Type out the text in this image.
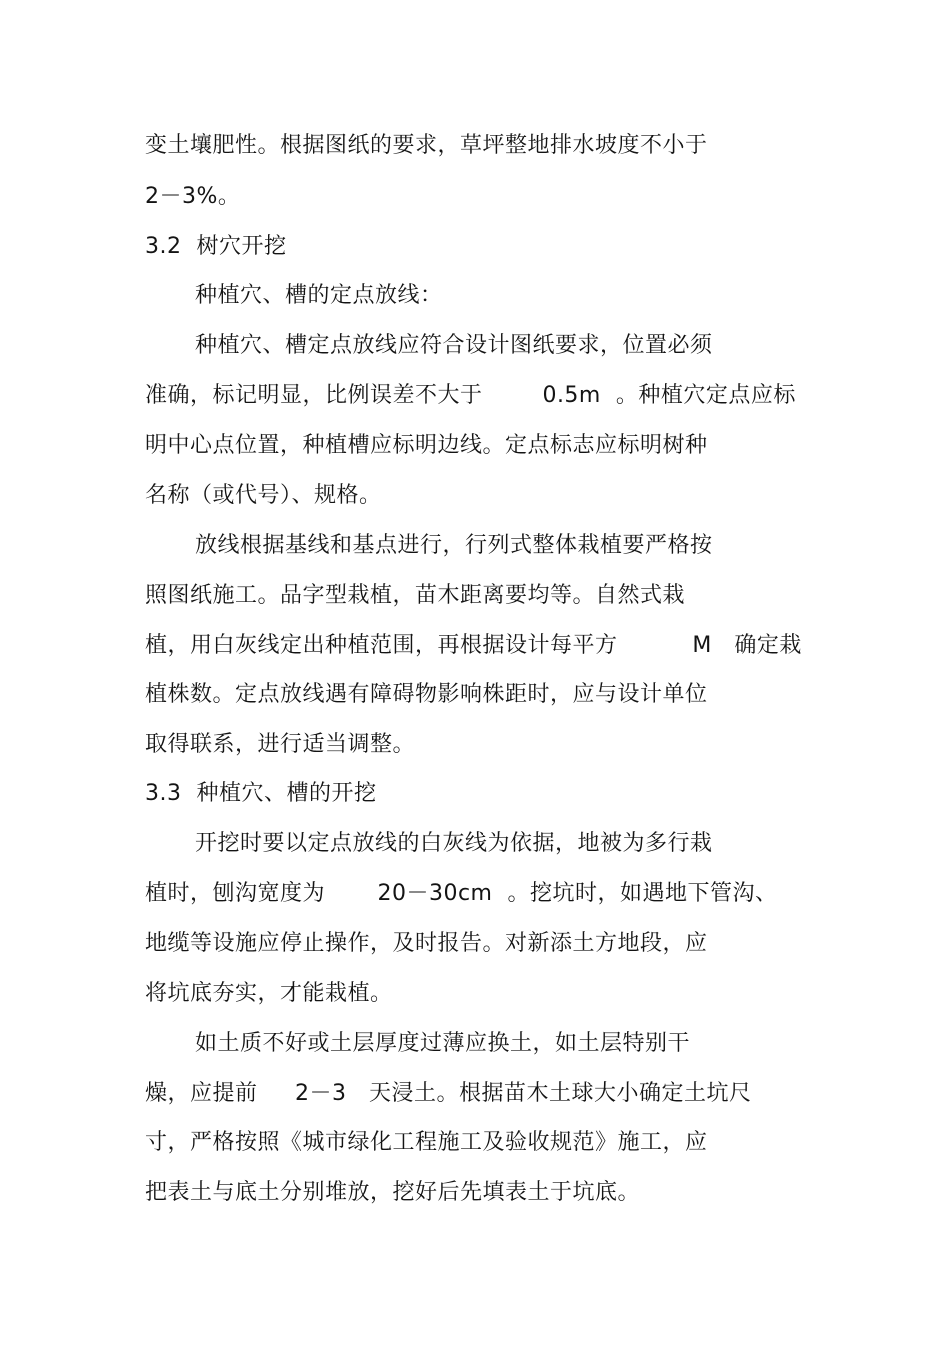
变土壤肥性。根据图纸的要求，草坪整地排水坡度不小于
2－3%。
3.2  树穴开挖
种植穴、槽的定点放线：
种植穴、槽定点放线应符合设计图纸要求，位置必须
准确，标记明显，比例误差不大于        0.5m  。种植穴定点应标
明中心点位置，种植槽应标明边线。定点标志应标明树种
名称（或代号）、规格。
放线根据基线和基点进行，行列式整体栽植要严格按
照图纸施工。品字型栽植，苗木距离要均等。自然式栽
植，用白灰线定出种植范围，再根据设计每平方          M   确定栽
植株数。定点放线遇有障碍物影响株距时，应与设计单位
取得联系，进行适当调整。
3.3  种植穴、槽的开挖
开挖时要以定点放线的白灰线为依据，地被为多行栽
植时，刨沟宽度为       20－30cm  。挖坑时，如遇地下管沟、
地缆等设施应停止操作，及时报告。对新添土方地段，应
将坑底夯实，才能栽植。
如土质不好或土层厚度过薄应换土，如土层特别干
燥，应提前     2－3   天浸土。根据苗木土球大小确定土坑尺
寸，严格按照《城市绿化工程施工及验收规范》施工，应
把表土与底土分别堆放，挖好后先填表土于坑底。
